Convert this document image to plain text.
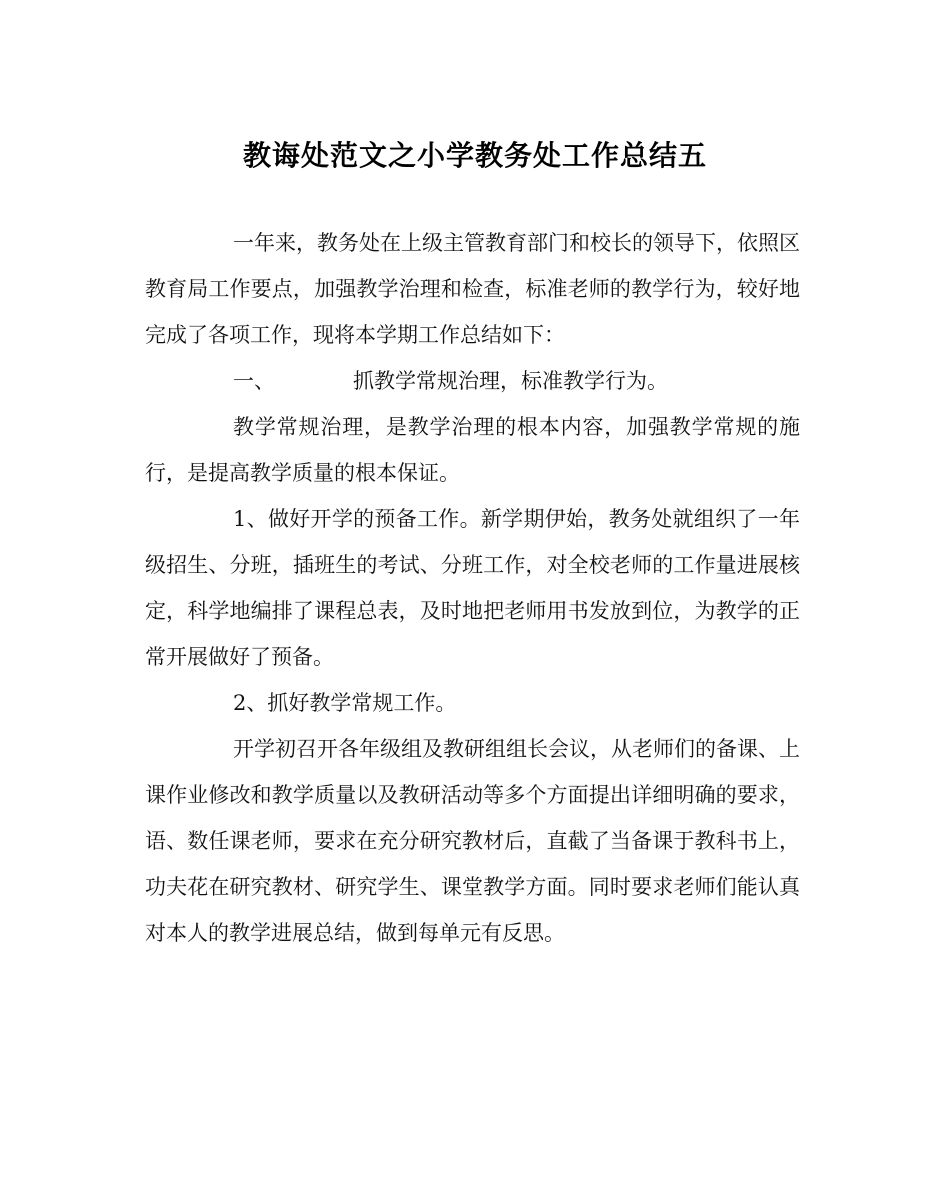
教诲处范文之小学教务处工作总结五

一年来，教务处在上级主管教育部门和校长的领导下，依照区教育局工作要点，加强教学治理和检查，标准老师的教学行为，较好地完成了各项工作，现将本学期工作总结如下：

一、	抓教学常规治理，标准教学行为。

教学常规治理，是教学治理的根本内容，加强教学常规的施行，是提高教学质量的根本保证。

1、做好开学的预备工作。新学期伊始，教务处就组织了一年级招生、分班，插班生的考试、分班工作，对全校老师的工作量进展核定，科学地编排了课程总表，及时地把老师用书发放到位，为教学的正常开展做好了预备。

2、抓好教学常规工作。

开学初召开各年级组及教研组组长会议，从老师们的备课、上课作业修改和教学质量以及教研活动等多个方面提出详细明确的要求，语、数任课老师，要求在充分研究教材后，直截了当备课于教科书上，功夫花在研究教材、研究学生、课堂教学方面。同时要求老师们能认真对本人的教学进展总结，做到每单元有反思。
